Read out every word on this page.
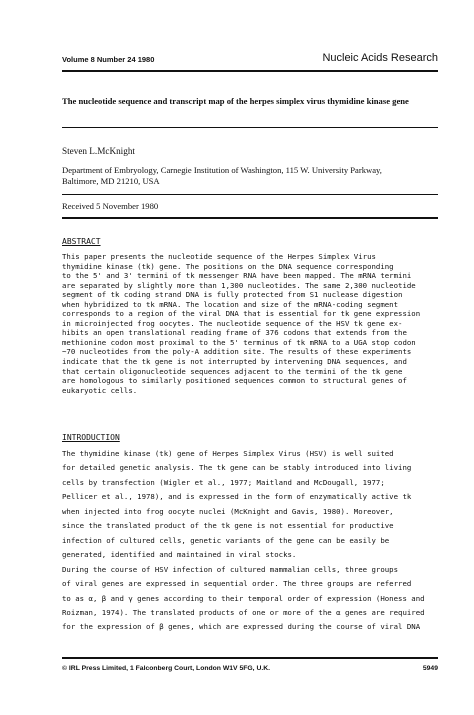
Volume 8 Number 24 1980	Nucleic Acids Research
The nucleotide sequence and transcript map of the herpes simplex virus thymidine kinase gene
Steven L.McKnight
Department of Embryology, Carnegie Institution of Washington, 115 W. University Parkway,
Baltimore, MD 21210, USA
Received 5 November 1980
ABSTRACT
This paper presents the nucleotide sequence of the Herpes Simplex Virus
thymidine kinase (tk) gene. The positions on the DNA sequence corresponding
to the 5' and 3' termini of tk messenger RNA have been mapped. The mRNA termini
are separated by slightly more than 1,300 nucleotides. The same 2,300 nucleotide
segment of tk coding strand DNA is fully protected from S1 nuclease digestion
when hybridized to tk mRNA. The location and size of the mRNA-coding segment
corresponds to a region of the viral DNA that is essential for tk gene expression
in microinjected frog oocytes. The nucleotide sequence of the HSV tk gene ex-
hibits an open translational reading frame of 376 codons that extends from the
methionine codon most proximal to the 5' terminus of tk mRNA to a UGA stop codon
~70 nucleotides from the poly-A addition site. The results of these experiments
indicate that the tk gene is not interrupted by intervening DNA sequences, and
that certain oligonucleotide sequences adjacent to the termini of the tk gene
are homologous to similarly positioned sequences common to structural genes of
eukaryotic cells.
INTRODUCTION
The thymidine kinase (tk) gene of Herpes Simplex Virus (HSV) is well suited
for detailed genetic analysis. The tk gene can be stably introduced into living
cells by transfection (Wigler et al., 1977; Maitland and McDougall, 1977;
Pellicer et al., 1978), and is expressed in the form of enzymatically active tk
when injected into frog oocyte nuclei (McKnight and Gavis, 1980). Moreover,
since the translated product of the tk gene is not essential for productive
infection of cultured cells, genetic variants of the gene can be easily be
generated, identified and maintained in viral stocks.
During the course of HSV infection of cultured mammalian cells, three groups
of viral genes are expressed in sequential order. The three groups are referred
to as α, β and γ genes according to their temporal order of expression (Honess and
Roizman, 1974). The translated products of one or more of the α genes are required
for the expression of β genes, which are expressed during the course of viral DNA
© IRL Press Limited, 1 Falconberg Court, London W1V 5FG, U.K.	5949
